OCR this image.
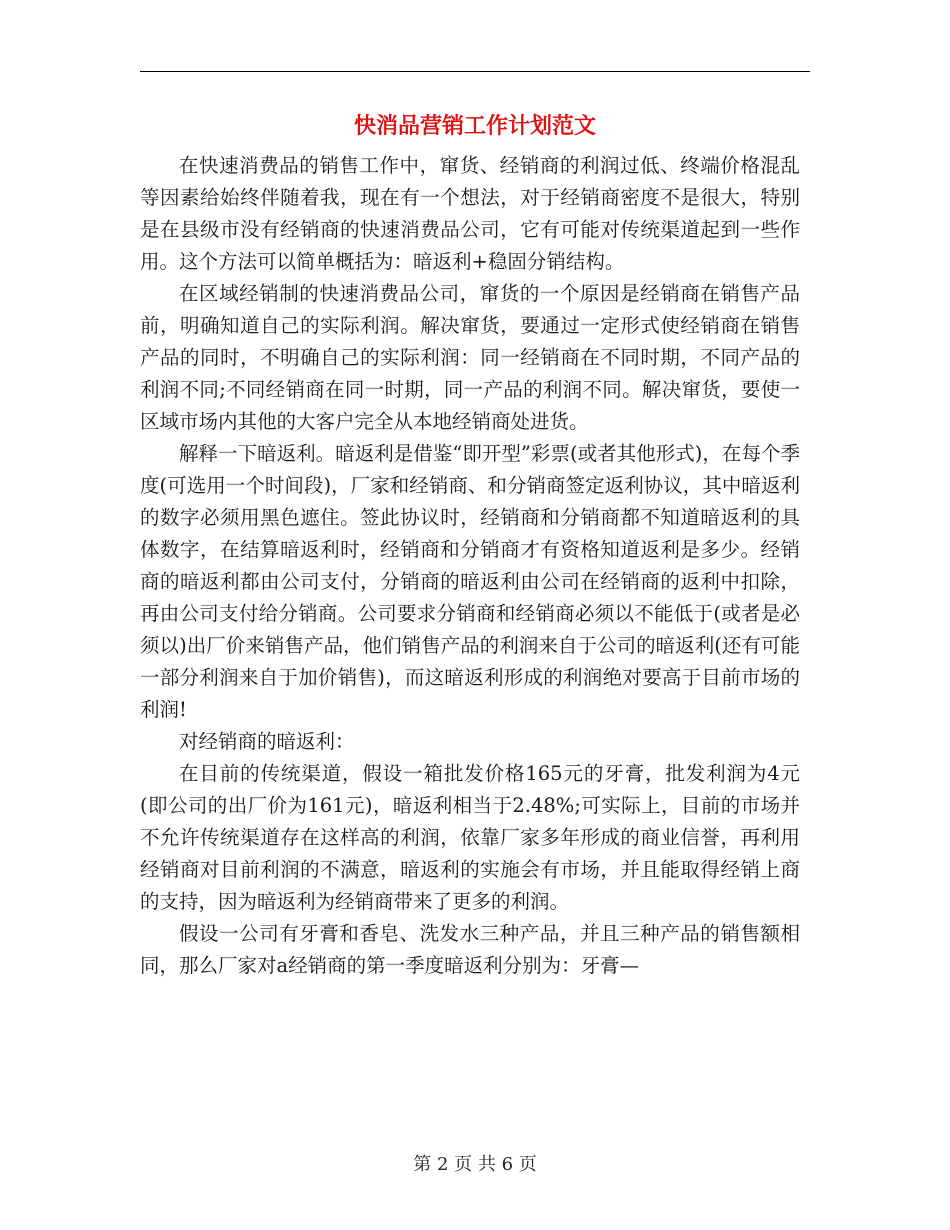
快消品营销工作计划范文

在快速消费品的销售工作中，窜货、经销商的利润过低、终端价格混乱等因素给始终伴随着我，现在有一个想法，对于经销商密度不是很大，特别是在县级市没有经销商的快速消费品公司，它有可能对传统渠道起到一些作用。这个方法可以简单概括为：暗返利+稳固分销结构。

在区域经销制的快速消费品公司，窜货的一个原因是经销商在销售产品前，明确知道自己的实际利润。解决窜货，要通过一定形式使经销商在销售产品的同时，不明确自己的实际利润：同一经销商在不同时期，不同产品的利润不同;不同经销商在同一时期，同一产品的利润不同。解决窜货，要使一区域市场内其他的大客户完全从本地经销商处进货。

解释一下暗返利。暗返利是借鉴“即开型”彩票(或者其他形式)，在每个季度(可选用一个时间段)，厂家和经销商、和分销商签定返利协议，其中暗返利的数字必须用黑色遮住。签此协议时，经销商和分销商都不知道暗返利的具体数字，在结算暗返利时，经销商和分销商才有资格知道返利是多少。经销商的暗返利都由公司支付，分销商的暗返利由公司在经销商的返利中扣除，再由公司支付给分销商。公司要求分销商和经销商必须以不能低于(或者是必须以)出厂价来销售产品，他们销售产品的利润来自于公司的暗返利(还有可能一部分利润来自于加价销售)，而这暗返利形成的利润绝对要高于目前市场的利润!

对经销商的暗返利：

在目前的传统渠道，假设一箱批发价格165元的牙膏，批发利润为4元(即公司的出厂价为161元)，暗返利相当于2.48%;可实际上，目前的市场并不允许传统渠道存在这样高的利润，依靠厂家多年形成的商业信誉，再利用经销商对目前利润的不满意，暗返利的实施会有市场，并且能取得经销上商的支持，因为暗返利为经销商带来了更多的利润。

假设一公司有牙膏和香皂、洗发水三种产品，并且三种产品的销售额相同，那么厂家对a经销商的第一季度暗返利分别为：牙膏—

第 2 页 共 6 页
